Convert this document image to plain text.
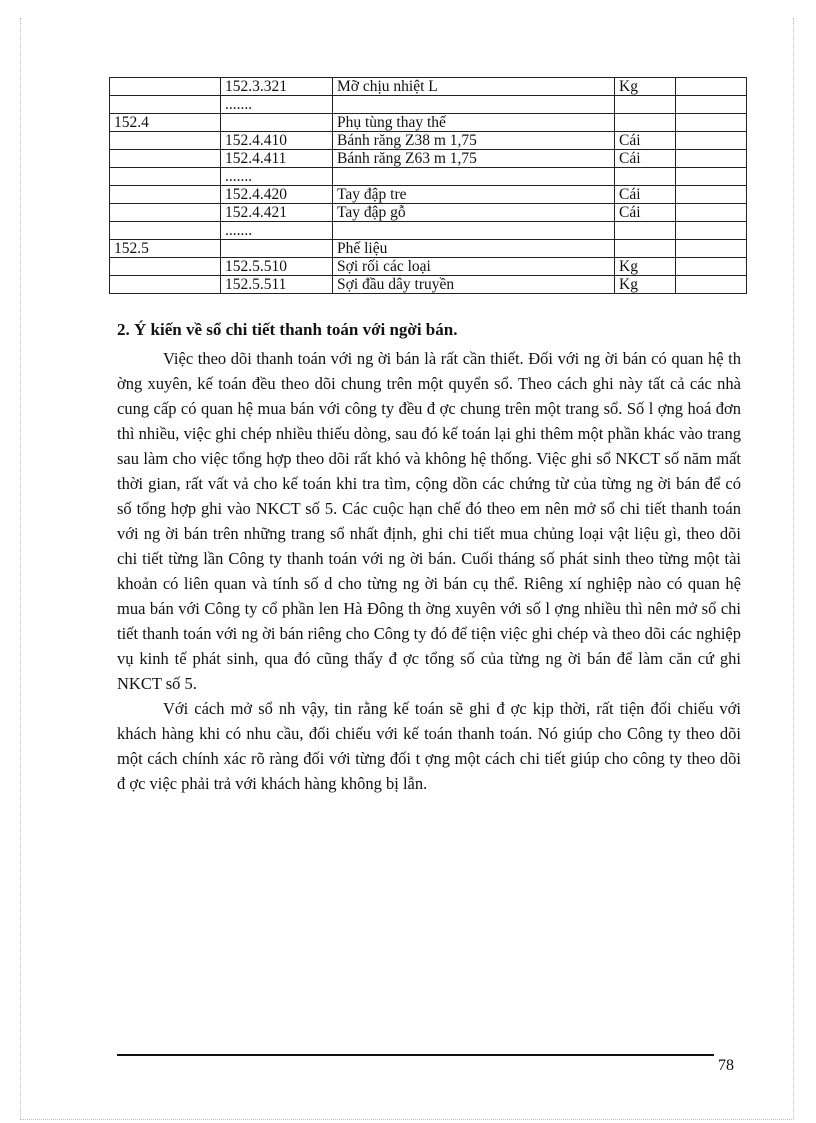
	152.3.321	Mỡ chịu nhiệt L	Kg	
	.......			
152.4		Phụ tùng thay thế		
	152.4.410	Bánh răng Z38 m 1,75	Cái	
	152.4.411	Bánh răng Z63 m 1,75	Cái	
	.......			
	152.4.420	Tay đập tre	Cái	
	152.4.421	Tay đập gỗ	Cái	
	.......			
152.5		Phế liệu		
	152.5.510	Sợi rối các loại	Kg	
	152.5.511	Sợi đầu dây truyền	Kg	
2. Ý kiến về sổ chi tiết thanh toán với ngời bán.

Việc theo dõi thanh toán với ng ời bán là rất cần thiết. Đối với ng ời bán có quan hệ th ờng xuyên, kế toán đều theo dõi chung trên một quyển sổ. Theo cách ghi này tất cả các nhà cung cấp có quan hệ mua bán với công ty đều đ ợc chung trên một trang sổ. Số l ợng hoá đơn thì nhiều, việc ghi chép nhiều thiếu dòng, sau đó kế toán lại ghi thêm một phần khác vào trang sau làm cho việc tổng hợp theo dõi rất khó và không hệ thống. Việc ghi sổ NKCT số năm mất thời gian, rất vất vả cho kế toán khi tra tìm, cộng dồn các chứng từ của từng ng ời bán để có số tổng hợp ghi vào NKCT số 5. Các cuộc hạn chế đó theo em nên mở sổ chi tiết thanh toán với ng ời bán trên những trang sổ nhất định, ghi chi tiết mua chủng loại vật liệu gì, theo dõi chi tiết từng lần Công ty thanh toán với ng ời bán. Cuối tháng số phát sinh theo từng một tài khoản có liên quan và tính số d cho từng ng ời bán cụ thể. Riêng xí nghiệp nào có quan hệ mua bán với Công ty cổ phần len Hà Đông th ờng xuyên với số l ợng nhiều thì nên mở sổ chi tiết thanh toán với ng ời bán riêng cho Công ty đó để tiện việc ghi chép và theo dõi các nghiệp vụ kinh tế phát sinh, qua đó cũng thấy đ ợc tổng số của từng ng ời bán để làm căn cứ ghi NKCT số 5.

Với cách mở sổ nh vậy, tin rằng kế toán sẽ ghi đ ợc kịp thời, rất tiện đối chiếu với khách hàng khi có nhu cầu, đối chiếu với kế toán thanh toán. Nó giúp cho Công ty theo dõi một cách chính xác rõ ràng đối với từng đối t ợng một cách chi tiết giúp cho công ty theo dõi đ ợc việc phải trả với khách hàng không bị lẫn.

78
